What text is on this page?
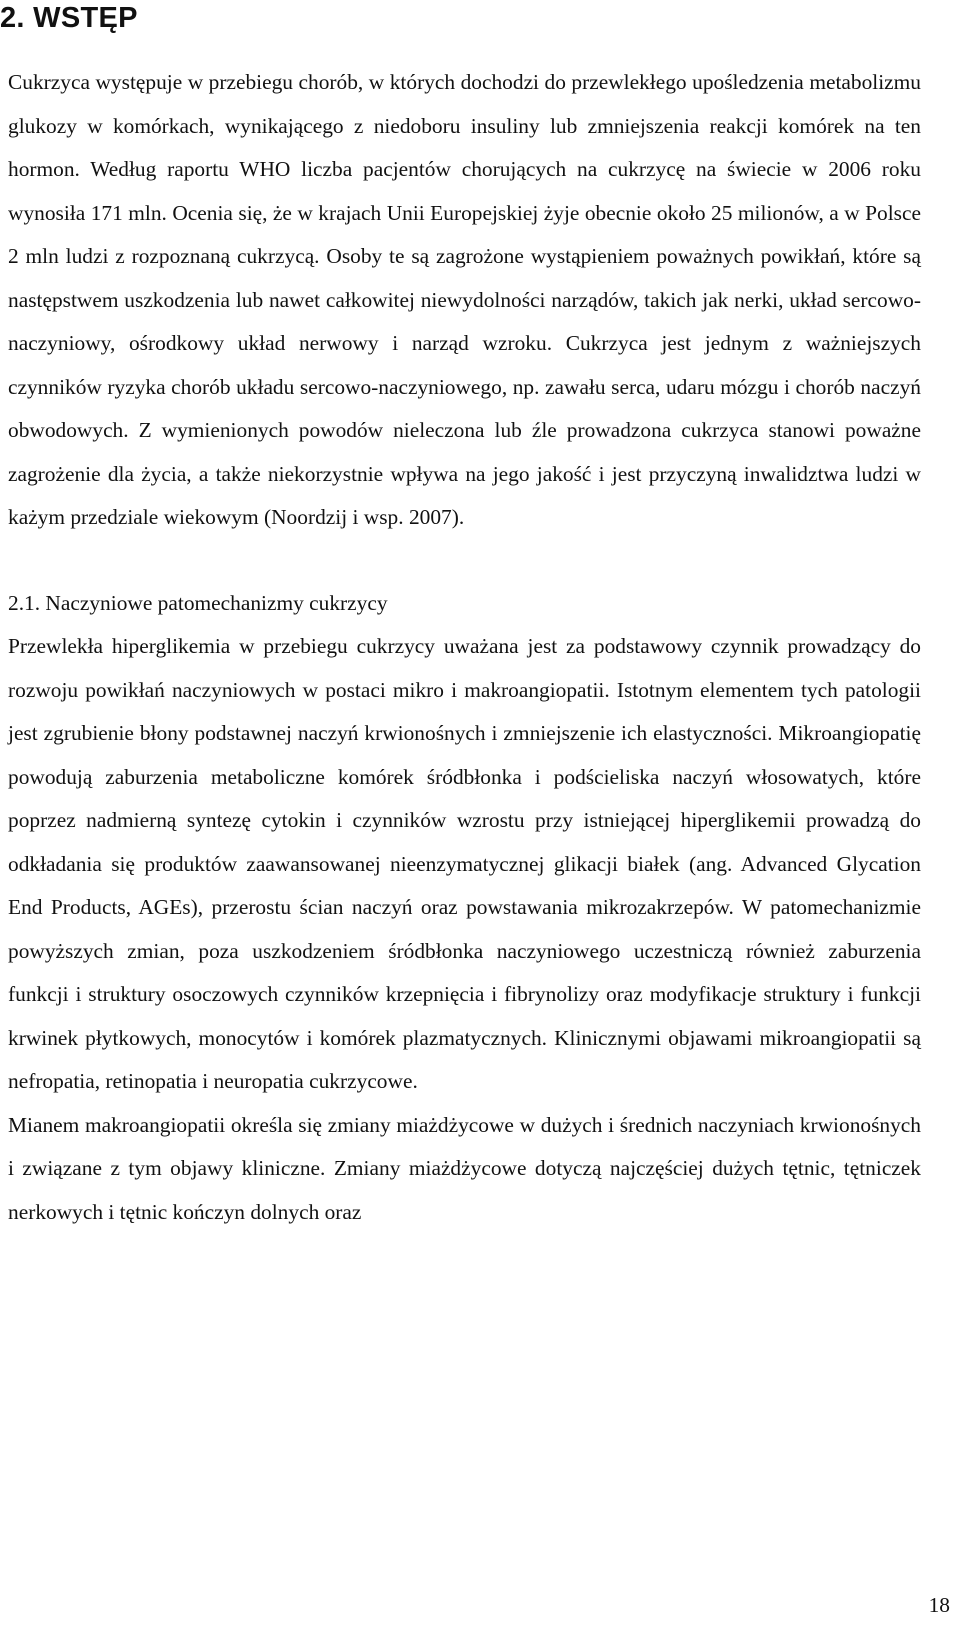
2. WSTĘP

Cukrzyca występuje w przebiegu chorób, w których dochodzi do przewlekłego upośledzenia metabolizmu glukozy w komórkach, wynikającego z niedoboru insuliny lub zmniejszenia reakcji komórek na ten hormon. Według raportu WHO liczba pacjentów chorujących na cukrzycę na świecie w 2006 roku wynosiła 171 mln. Ocenia się, że w krajach Unii Europejskiej żyje obecnie około 25 milionów, a w Polsce 2 mln ludzi z rozpoznaną cukrzycą. Osoby te są zagrożone wystąpieniem poważnych powikłań, które są następstwem uszkodzenia lub nawet całkowitej niewydolności narządów, takich jak nerki, układ sercowo-naczyniowy, ośrodkowy układ nerwowy i narząd wzroku. Cukrzyca jest jednym z ważniejszych czynników ryzyka chorób układu sercowo-naczyniowego, np. zawału serca, udaru mózgu i chorób naczyń obwodowych. Z wymienionych powodów nieleczona lub źle prowadzona cukrzyca stanowi poważne zagrożenie dla życia, a także niekorzystnie wpływa na jego jakość i jest przyczyną inwalidztwa ludzi w każym przedziale wiekowym (Noordzij i wsp. 2007).

2.1. Naczyniowe patomechanizmy cukrzycy

Przewlekła hiperglikemia w przebiegu cukrzycy uważana jest za podstawowy czynnik prowadzący do rozwoju powikłań naczyniowych w postaci mikro i makroangiopatii. Istotnym elementem tych patologii jest zgrubienie błony podstawnej naczyń krwionośnych i zmniejszenie ich elastyczności. Mikroangiopatię powodują zaburzenia metaboliczne komórek śródbłonka i podścieliska naczyń włosowatych, które poprzez nadmierną syntezę cytokin i czynników wzrostu przy istniejącej hiperglikemii prowadzą do odkładania się produktów zaawansowanej nieenzymatycznej glikacji białek (ang. Advanced Glycation End Products, AGEs), przerostu ścian naczyń oraz powstawania mikrozakrzepów. W patomechanizmie powyższych zmian, poza uszkodzeniem śródbłonka naczyniowego uczestniczą również zaburzenia funkcji i struktury osoczowych czynników krzepnięcia i fibrynolizy oraz modyfikacje struktury i funkcji krwinek płytkowych, monocytów i komórek plazmatycznych. Klinicznymi objawami mikroangiopatii są nefropatia, retinopatia i neuropatia cukrzycowe.

Mianem makroangiopatii określa się zmiany miażdżycowe w dużych i średnich naczyniach krwionośnych i związane z tym objawy kliniczne. Zmiany miażdżycowe dotyczą najczęściej dużych tętnic, tętniczek nerkowych i tętnic kończyn dolnych oraz

18
